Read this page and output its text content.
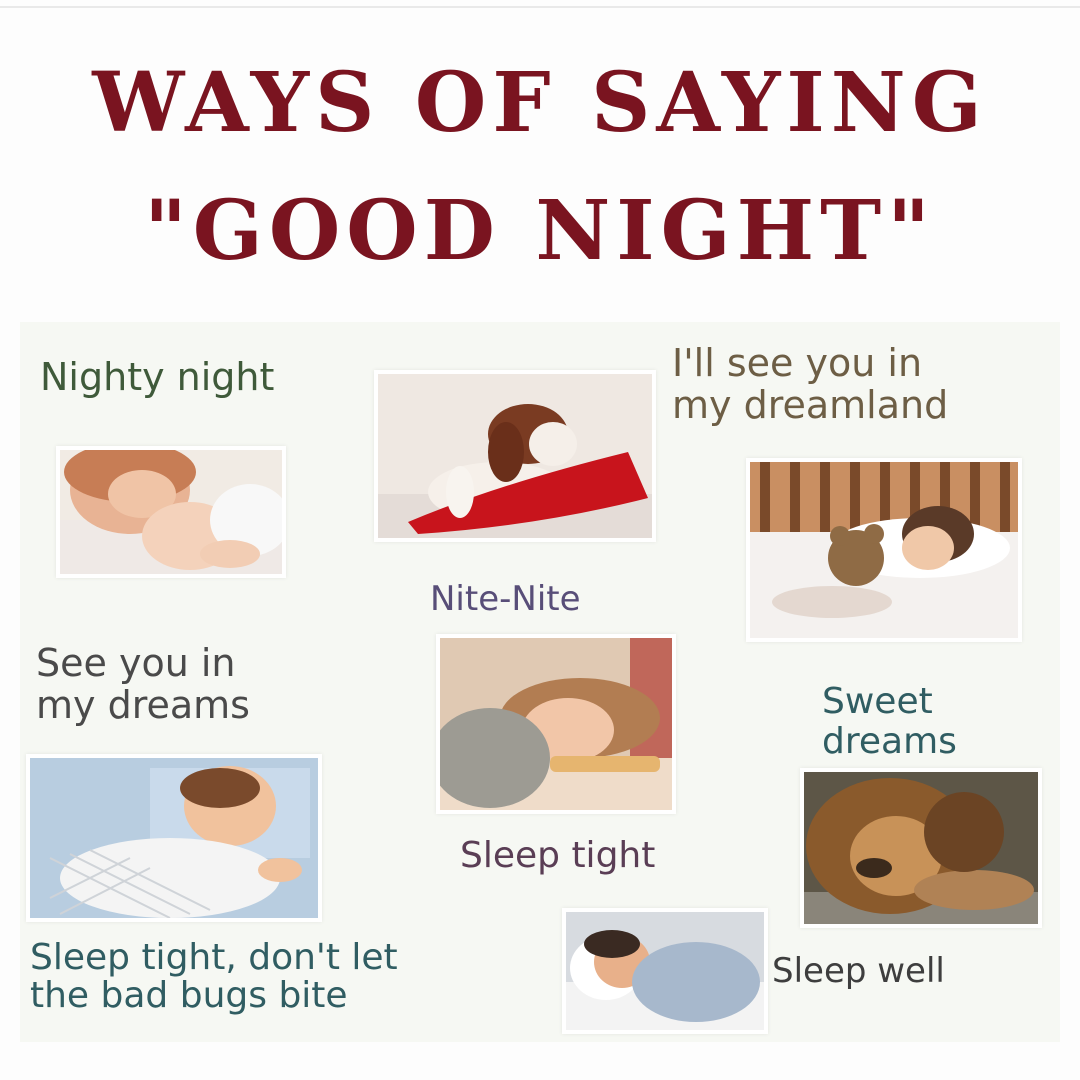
WAYS OF SAYING
"GOOD NIGHT"
Nighty night	I'll see you in
my dreamland
Nite-Nite
See you in
my dreams	Sweet
dreams
Sleep tight
Sleep tight, don't let
the bad bugs bite
Sleep well
